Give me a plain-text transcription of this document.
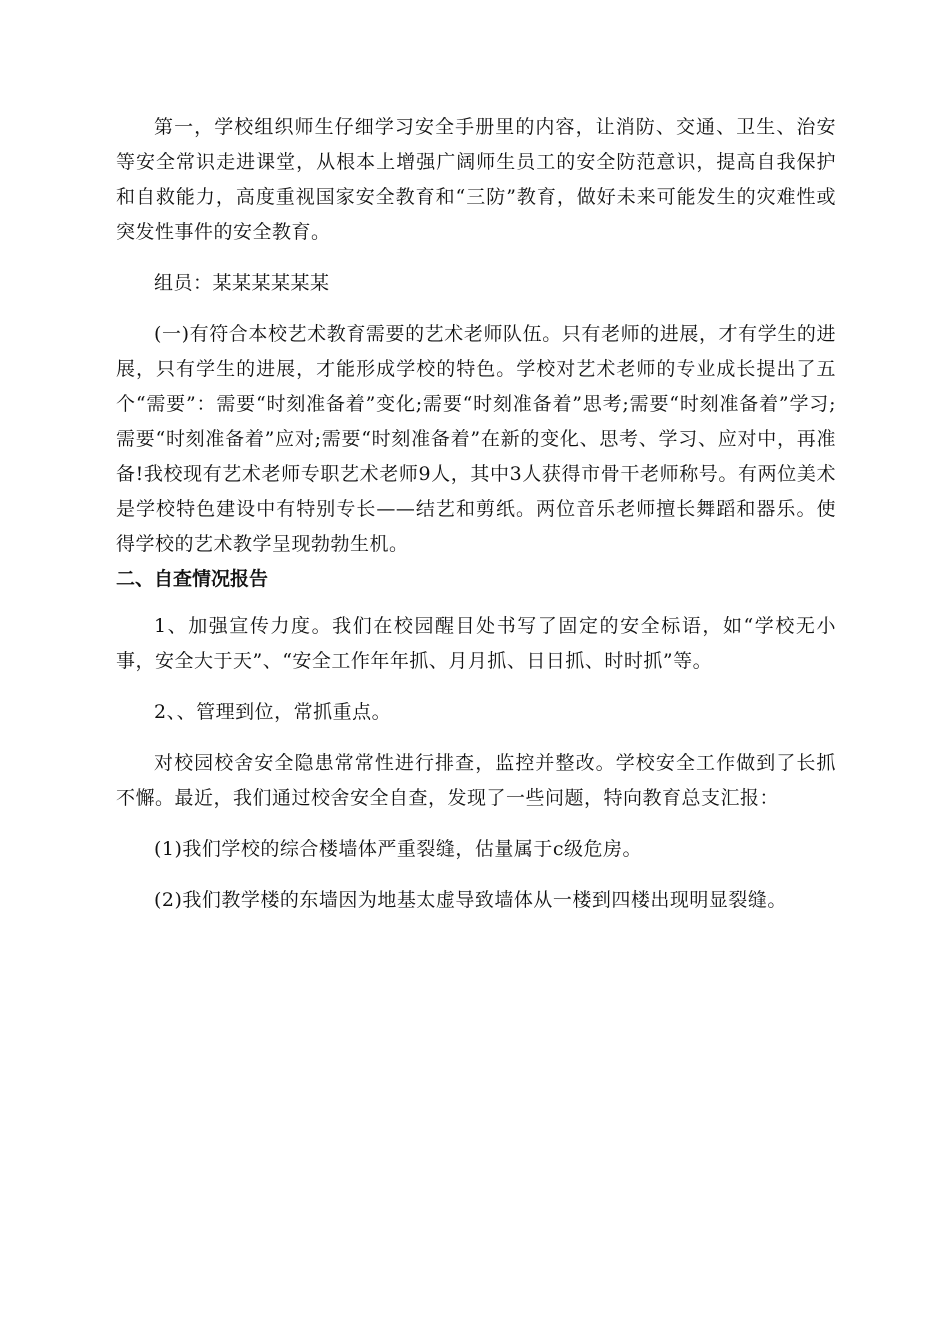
第一，学校组织师生仔细学习安全手册里的内容，让消防、交通、卫生、治安等安全常识走进课堂，从根本上增强广阔师生员工的安全防范意识，提高自我保护和自救能力，高度重视国家安全教育和“三防”教育，做好未来可能发生的灾难性或突发性事件的安全教育。

组员：某某某某某某

(一)有符合本校艺术教育需要的艺术老师队伍。只有老师的进展，才有学生的进展，只有学生的进展，才能形成学校的特色。学校对艺术老师的专业成长提出了五个“需要”：需要“时刻准备着”变化;需要“时刻准备着”思考;需要“时刻准备着”学习;需要“时刻准备着”应对;需要“时刻准备着”在新的变化、思考、学习、应对中，再准备!我校现有艺术老师专职艺术老师9人，其中3人获得市骨干老师称号。有两位美术是学校特色建设中有特别专长——结艺和剪纸。两位音乐老师擅长舞蹈和器乐。使得学校的艺术教学呈现勃勃生机。

二、自查情况报告

1、加强宣传力度。我们在校园醒目处书写了固定的安全标语，如“学校无小事，安全大于天”、“安全工作年年抓、月月抓、日日抓、时时抓”等。

2、、管理到位，常抓重点。

对校园校舍安全隐患常常性进行排查，监控并整改。学校安全工作做到了长抓不懈。最近，我们通过校舍安全自查，发现了一些问题，特向教育总支汇报：

(1)我们学校的综合楼墙体严重裂缝，估量属于c级危房。

(2)我们教学楼的东墙因为地基太虚导致墙体从一楼到四楼出现明显裂缝。
